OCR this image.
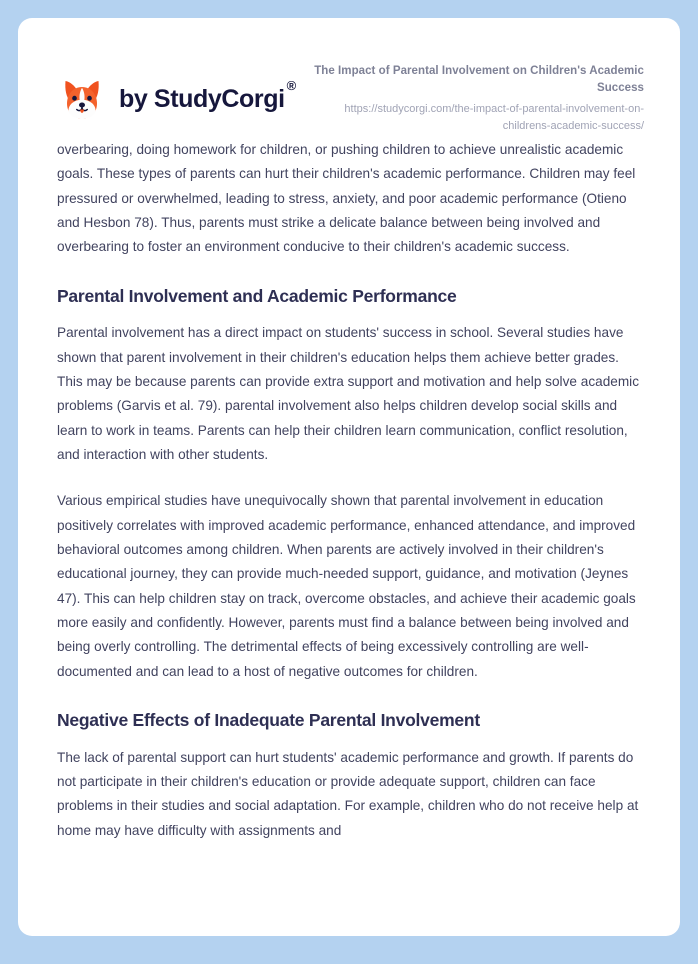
by StudyCorgi ®
The Impact of Parental Involvement on Children's Academic Success
https://studycorgi.com/the-impact-of-parental-involvement-on-childrens-academic-success/

overbearing, doing homework for children, or pushing children to achieve unrealistic academic goals. These types of parents can hurt their children's academic performance. Children may feel pressured or overwhelmed, leading to stress, anxiety, and poor academic performance (Otieno and Hesbon 78). Thus, parents must strike a delicate balance between being involved and overbearing to foster an environment conducive to their children's academic success.

Parental Involvement and Academic Performance

Parental involvement has a direct impact on students' success in school. Several studies have shown that parent involvement in their children's education helps them achieve better grades. This may be because parents can provide extra support and motivation and help solve academic problems (Garvis et al. 79). parental involvement also helps children develop social skills and learn to work in teams. Parents can help their children learn communication, conflict resolution, and interaction with other students.

Various empirical studies have unequivocally shown that parental involvement in education positively correlates with improved academic performance, enhanced attendance, and improved behavioral outcomes among children. When parents are actively involved in their children's educational journey, they can provide much-needed support, guidance, and motivation (Jeynes 47). This can help children stay on track, overcome obstacles, and achieve their academic goals more easily and confidently. However, parents must find a balance between being involved and being overly controlling. The detrimental effects of being excessively controlling are well-documented and can lead to a host of negative outcomes for children.

Negative Effects of Inadequate Parental Involvement

The lack of parental support can hurt students' academic performance and growth. If parents do not participate in their children's education or provide adequate support, children can face problems in their studies and social adaptation. For example, children who do not receive help at home may have difficulty with assignments and
